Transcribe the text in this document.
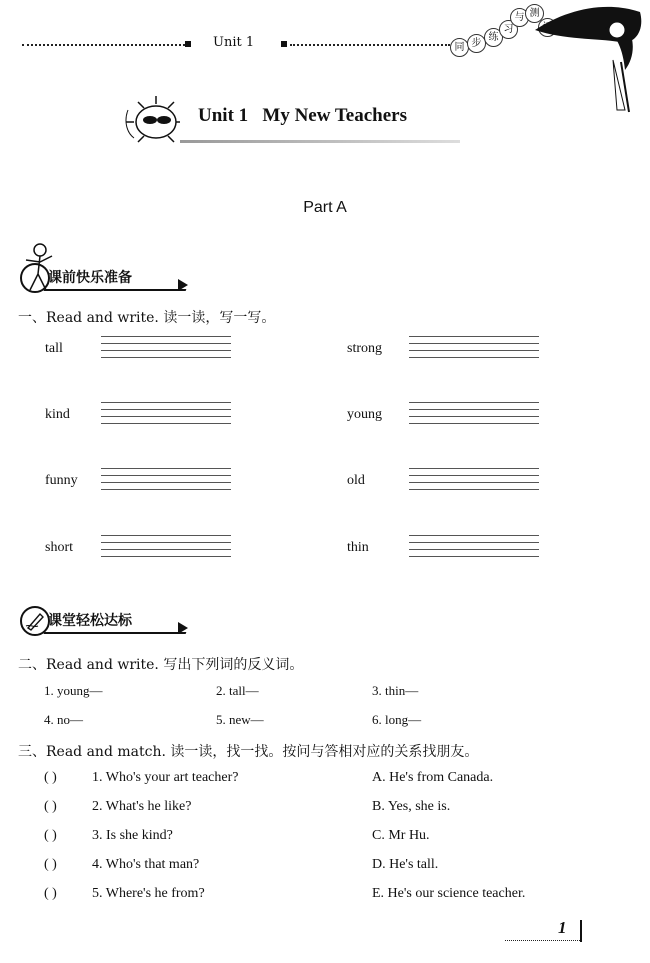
Unit 1	同 步
练
习
与 测
Unit 1 My New Teachers
Part A
课前快乐准备
一、Read and write. 读一读，写一写。
tall
kind
funny
short
strong
young
old
thin
课堂轻松达标
二、Read and write. 写出下列词的反义词。
1. young—	2. tall—	3. thin—
4. no—	5. new—	6. long—
三、Read and match. 读一读，找一找。按问与答相对应的关系找朋友。
( )	1. Who's your art teacher?	A. He's from Canada.
( )	2. What's he like?	B. Yes, she is.
( )	3. Is she kind?	C. Mr Hu.
( )	4. Who's that man?	D. He's tall.
( )	5. Where's he from?	E. He's our science teacher.
1
